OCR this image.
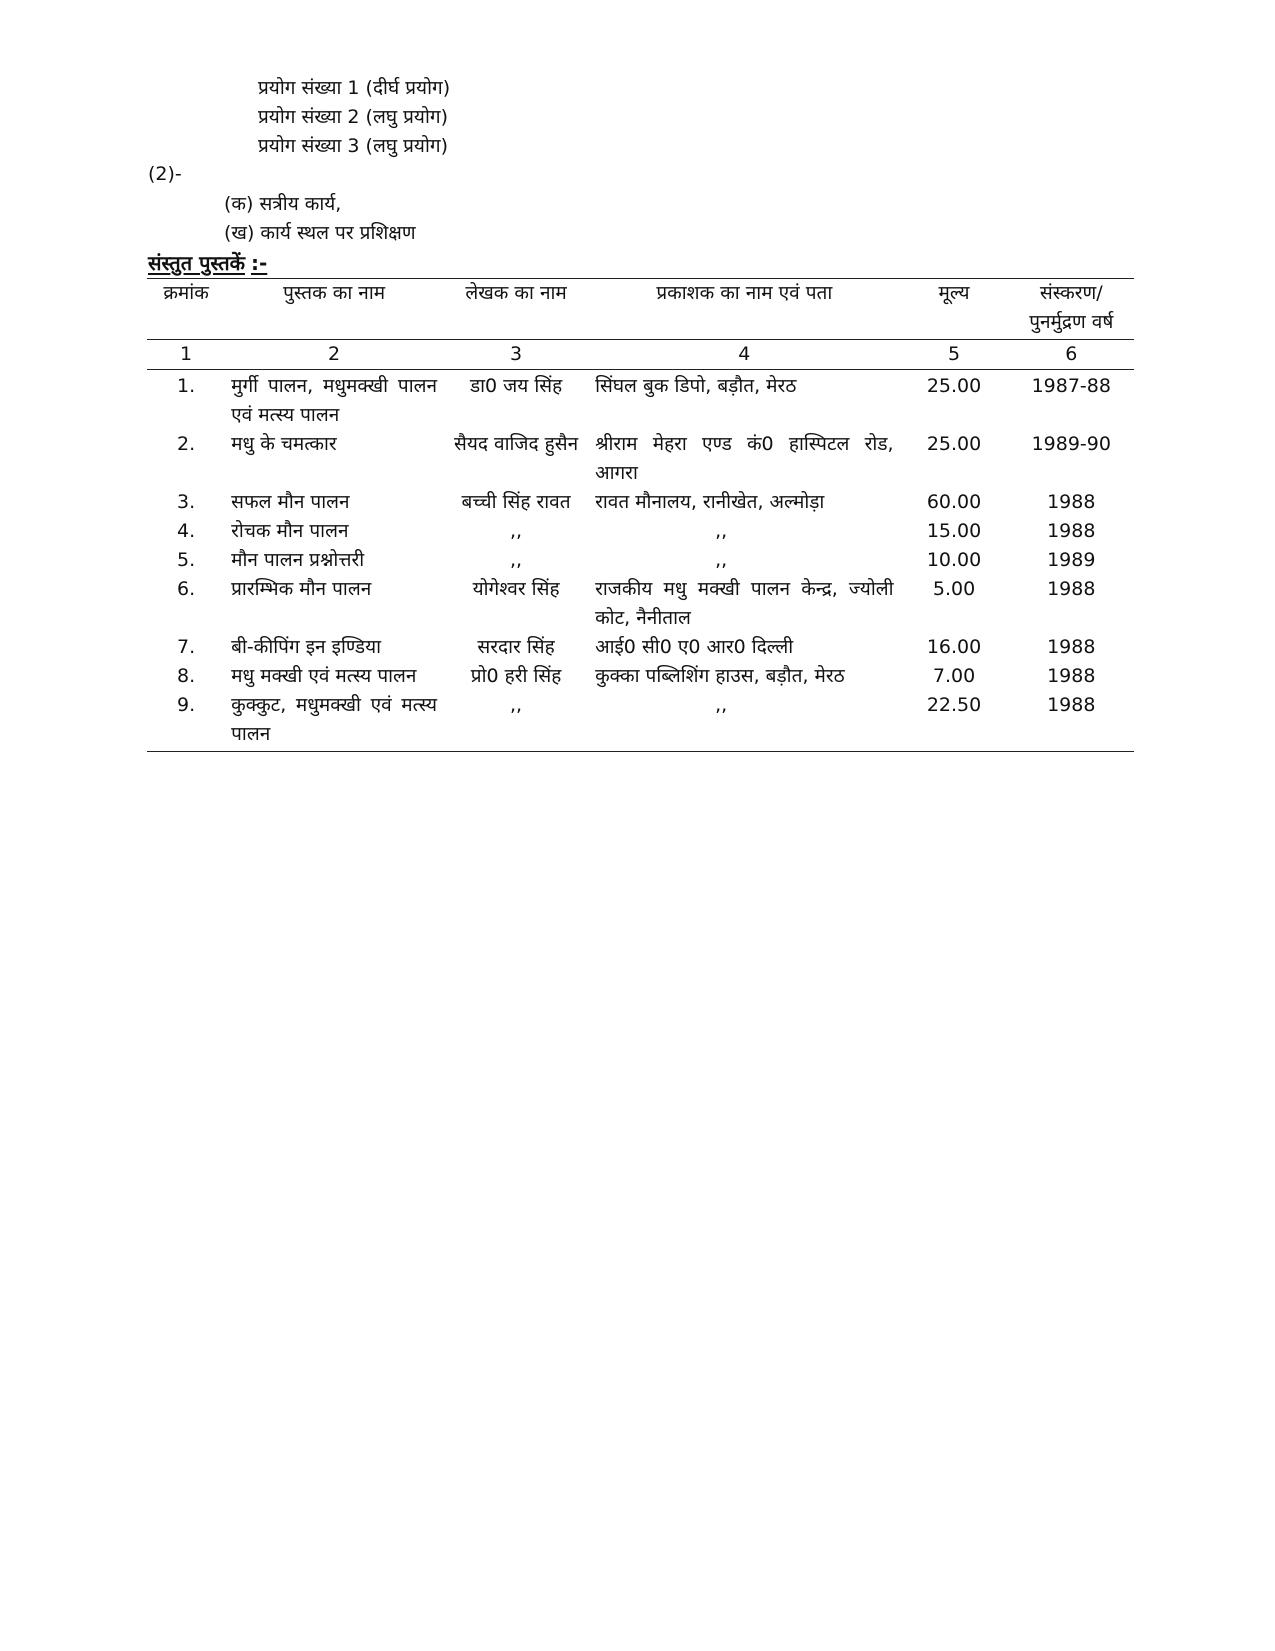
प्रयोग संख्या 1 (दीर्घ प्रयोग)
प्रयोग संख्या 2 (लघु प्रयोग)
प्रयोग संख्या 3 (लघु प्रयोग)
(2)-
(क) सत्रीय कार्य,
(ख) कार्य स्थल पर प्रशिक्षण
संस्तुत पुस्तकें :-
क्रमांक	पुस्तक का नाम	लेखक का नाम	प्रकाशक का नाम एवं पता	मूल्य	संस्करण/ पुनर्मुद्रण वर्ष
1	2	3	4	5	6
1.	मुर्गी पालन, मधुमक्खी पालन एवं मत्स्य पालन	डा0 जय सिंह	सिंघल बुक डिपो, बड़ौत, मेरठ	25.00	1987-88
2.	मधु के चमत्कार	सैयद वाजिद हुसैन	श्रीराम मेहरा एण्ड कं0 हास्पिटल रोड, आगरा	25.00	1989-90
3.	सफल मौन पालन	बच्ची सिंह रावत	रावत मौनालय, रानीखेत, अल्मोड़ा	60.00	1988
4.	रोचक मौन पालन	,,	,,	15.00	1988
5.	मौन पालन प्रश्नोत्तरी	,,	,,	10.00	1989
6.	प्रारम्भिक मौन पालन	योगेश्वर सिंह	राजकीय मधु मक्खी पालन केन्द्र, ज्योली कोट, नैनीताल	5.00	1988
7.	बी-कीपिंग इन इण्डिया	सरदार सिंह	आई0 सी0 ए0 आर0 दिल्ली	16.00	1988
8.	मधु मक्खी एवं मत्स्य पालन	प्रो0 हरी सिंह	कुक्का पब्लिशिंग हाउस, बड़ौत, मेरठ	7.00	1988
9.	कुक्कुट, मधुमक्खी एवं मत्स्य पालन	,,	,,	22.50	1988
